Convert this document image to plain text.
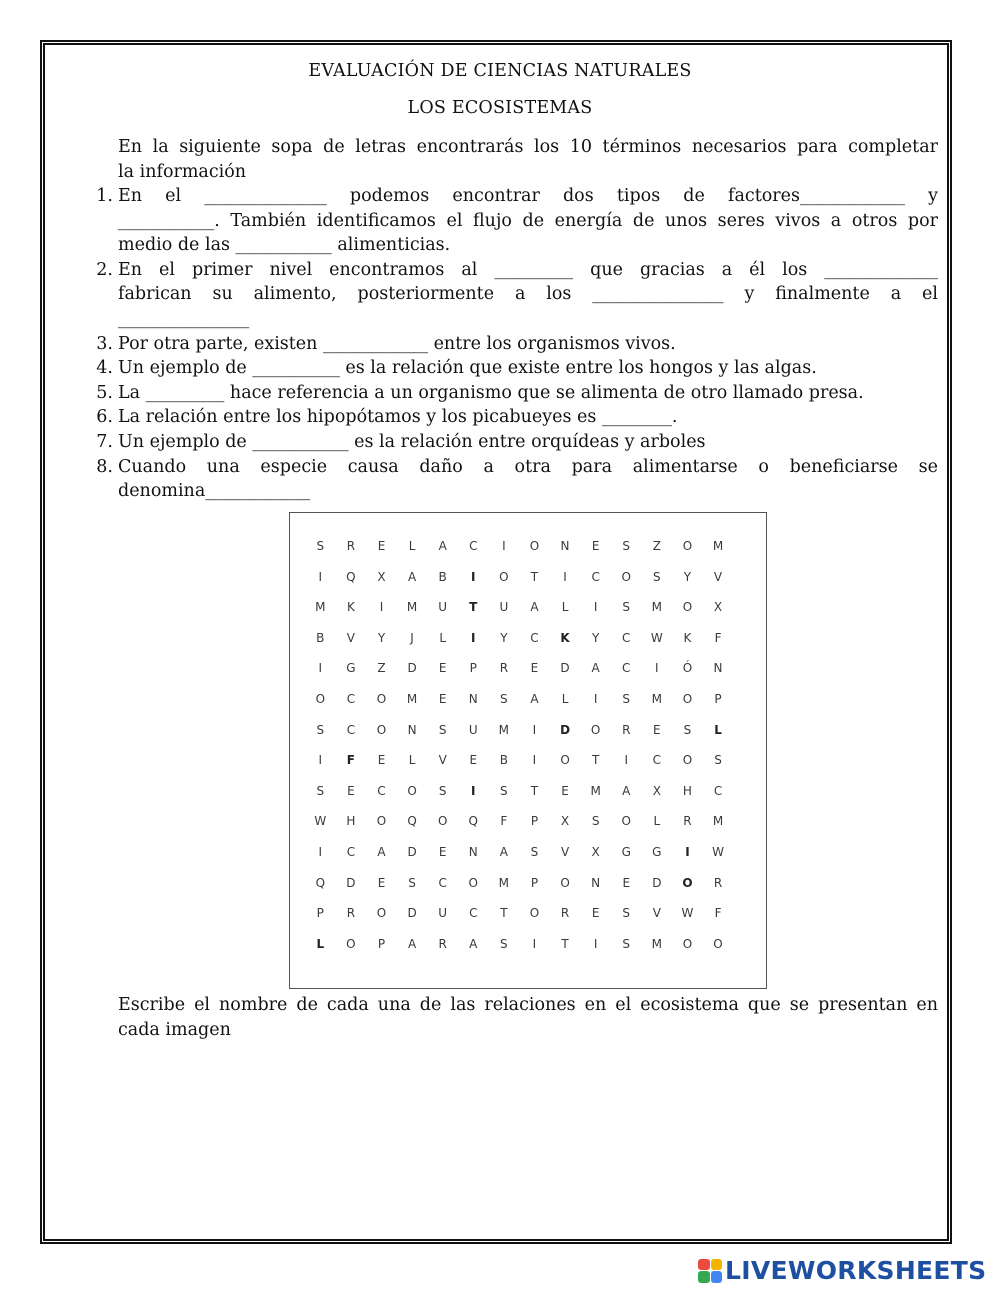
EVALUACIÓN DE CIENCIAS NATURALES
LOS ECOSISTEMAS
En la siguiente sopa de letras encontrarás los 10 términos necesarios para completar
la información
1. En el ______________ podemos encontrar dos tipos de factores____________ y
___________. También identificamos el flujo de energía de unos seres vivos a otros por
medio de las ___________ alimenticias.
2. En el primer nivel encontramos al _________ que gracias a él los _____________
fabrican su alimento, posteriormente a los _______________ y finalmente a el
_______________
3. Por otra parte, existen ____________ entre los organismos vivos.
4. Un ejemplo de __________ es la relación que existe entre los hongos y las algas.
5. La _________ hace referencia a un organismo que se alimenta de otro llamado presa.
6. La relación entre los hipopótamos y los picabueyes es ________.
7. Un ejemplo de ___________ es la relación entre orquídeas y arboles
8. Cuando una especie causa daño a otra para alimentarse o beneficiarse se
denomina____________
S	R	E	L	A	C	I	O	N	E	S	Z	O	M
I	Q	X	A	B	I	O	T	I	C	O	S	Y	V
M	K	I	M	U	T	U	A	L	I	S	M	O	X
B	V	Y	J	L	I	Y	C	K	Y	C	W	K	F
I	G	Z	D	E	P	R	E	D	A	C	I	Ó	N
O	C	O	M	E	N	S	A	L	I	S	M	O	P
S	C	O	N	S	U	M	I	D	O	R	E	S	L
I	F	E	L	V	E	B	I	O	T	I	C	O	S
S	E	C	O	S	I	S	T	E	M	A	X	H	C
W	H	O	Q	O	Q	F	P	X	S	O	L	R	M
I	C	A	D	E	N	A	S	V	X	G	G	I	W
Q	D	E	S	C	O	M	P	O	N	E	D	O	R
P	R	O	D	U	C	T	O	R	E	S	V	W	F
L	O	P	A	R	A	S	I	T	I	S	M	O	O
Escribe el nombre de cada una de las relaciones en el ecosistema que se presentan en
cada imagen
LIVEWORKSHEETS
